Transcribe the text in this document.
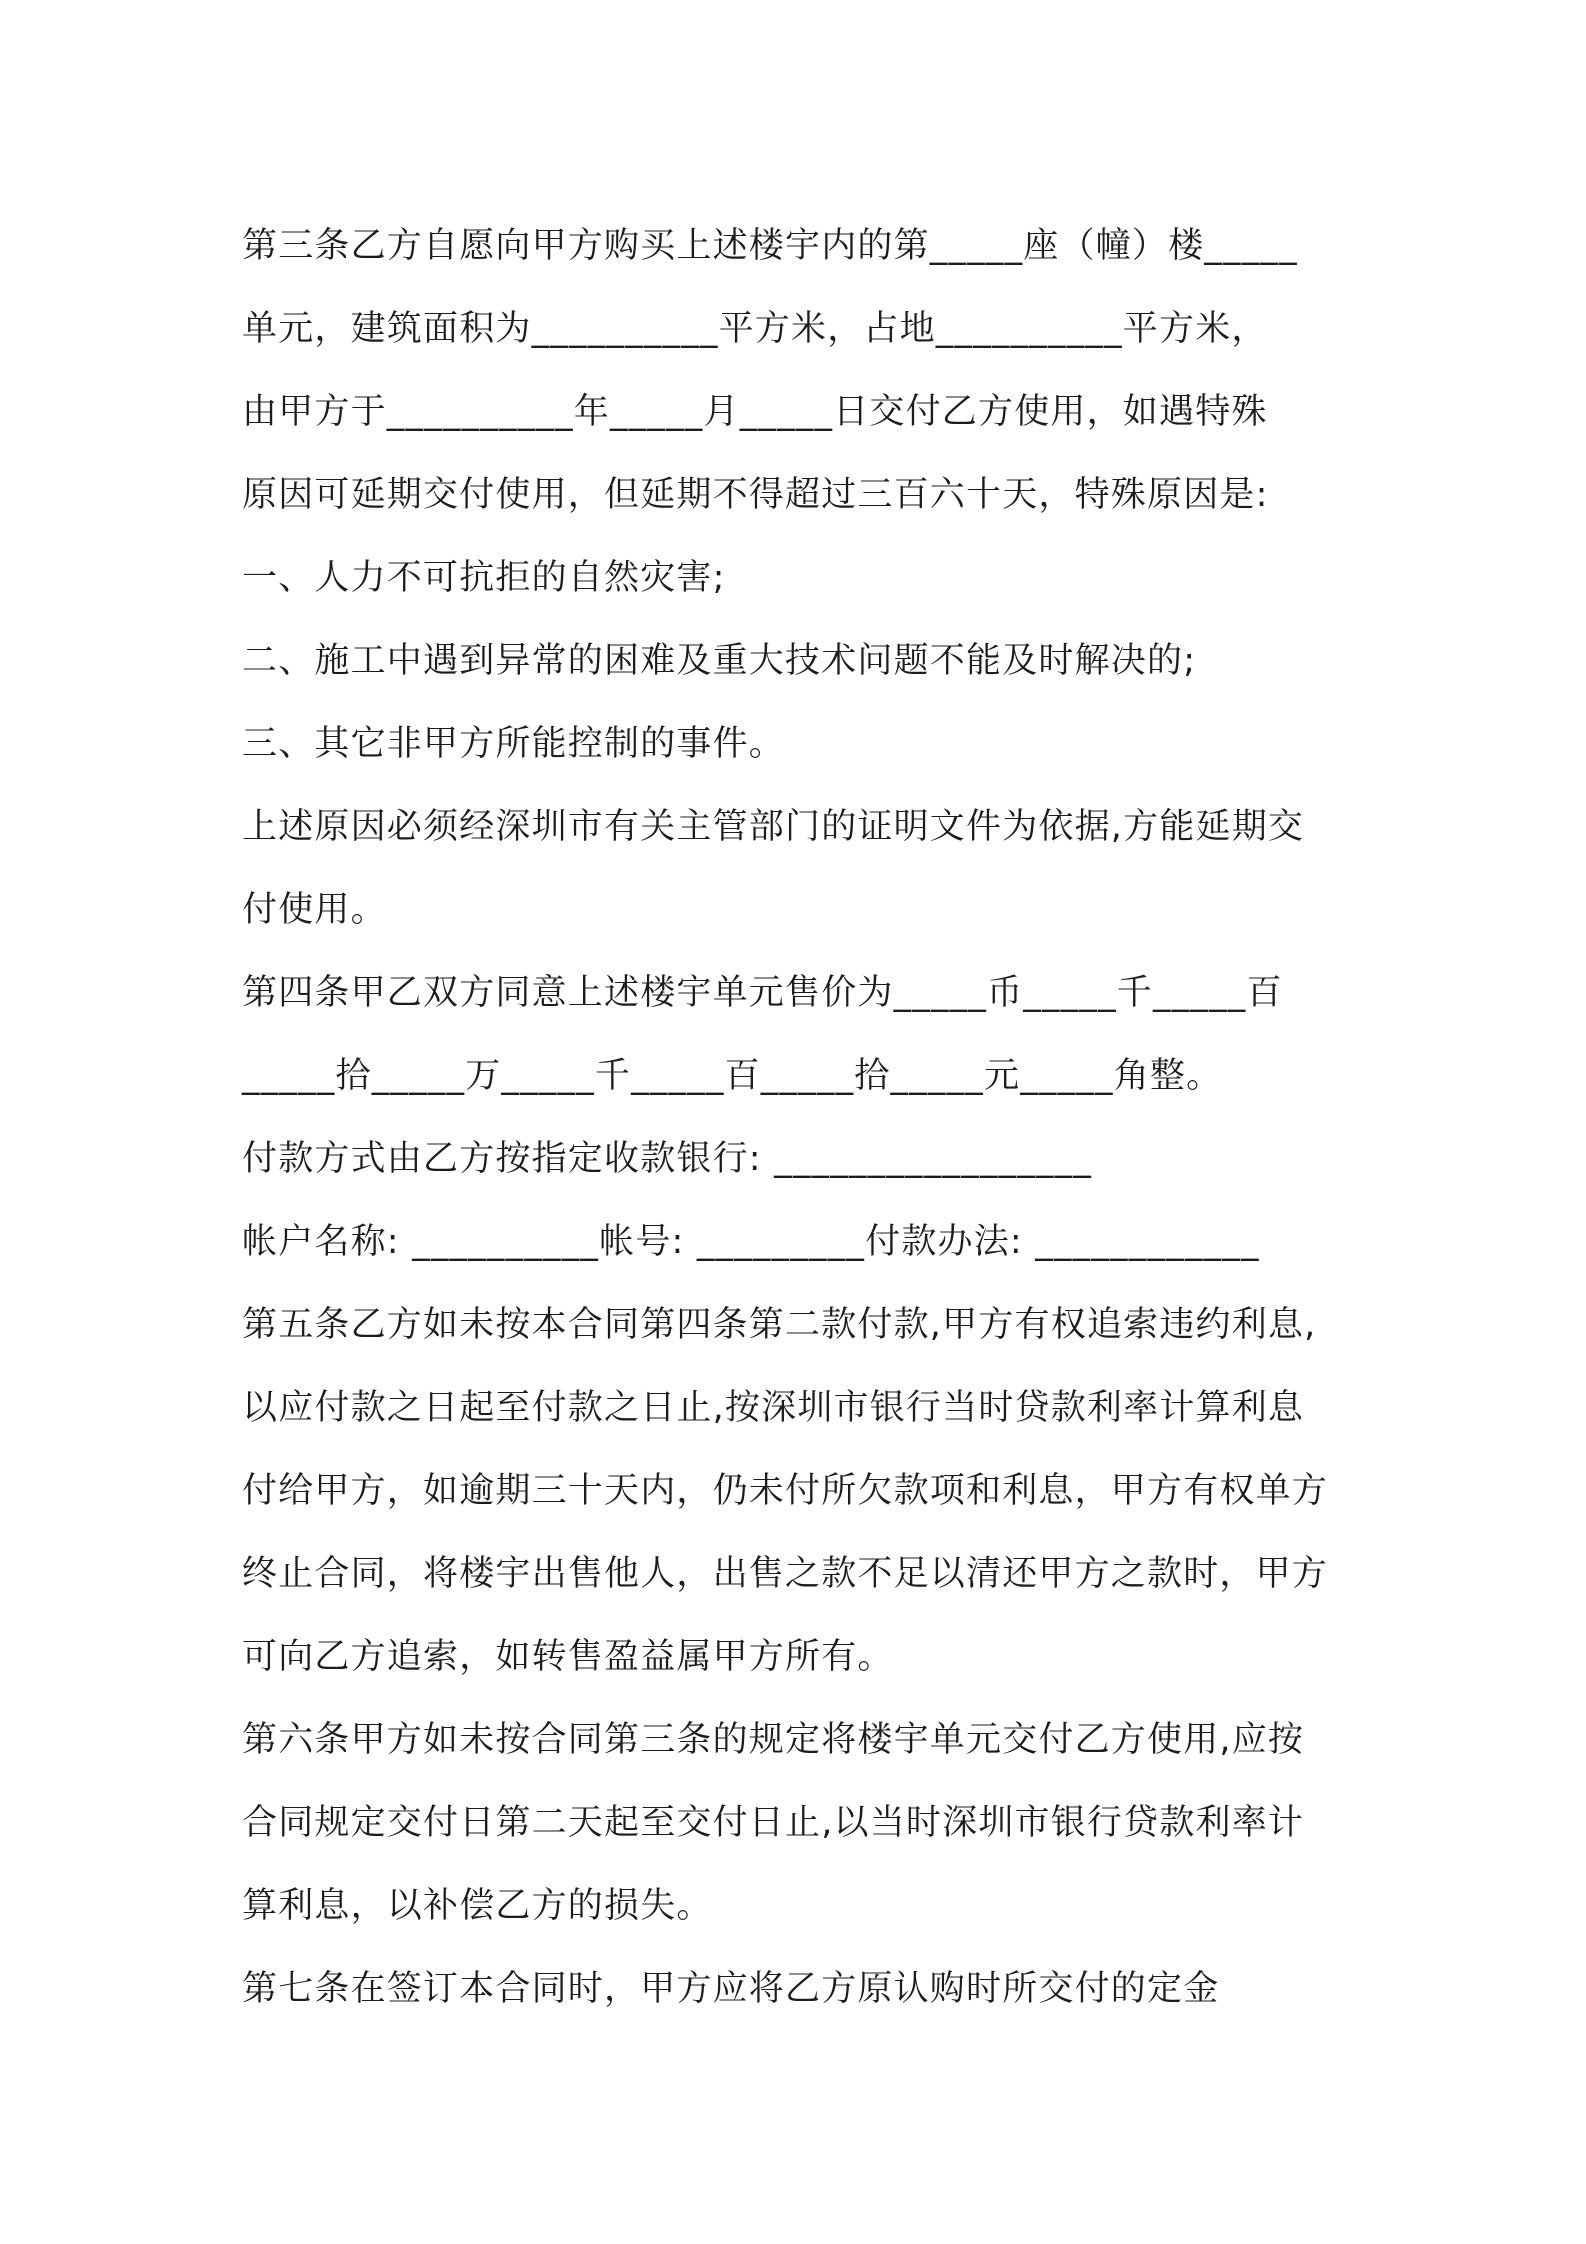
第三条乙方自愿向甲方购买上述楼宇内的第_____座（幢）楼_____
单元，建筑面积为__________平方米，占地__________平方米，
由甲方于__________年_____月_____日交付乙方使用，如遇特殊
原因可延期交付使用，但延期不得超过三百六十天，特殊原因是:
一、人力不可抗拒的自然灾害;
二、施工中遇到异常的困难及重大技术问题不能及时解决的;
三、其它非甲方所能控制的事件。
上述原因必须经深圳市有关主管部门的证明文件为依据,方能延期交
付使用。
第四条甲乙双方同意上述楼宇单元售价为_____币_____千_____百
_____拾_____万_____千_____百_____拾_____元_____角整。
付款方式由乙方按指定收款银行: _________________
帐户名称: __________帐号: _________付款办法: ____________
第五条乙方如未按本合同第四条第二款付款,甲方有权追索违约利息,
以应付款之日起至付款之日止,按深圳市银行当时贷款利率计算利息
付给甲方，如逾期三十天内，仍未付所欠款项和利息，甲方有权单方
终止合同，将楼宇出售他人，出售之款不足以清还甲方之款时，甲方
可向乙方追索，如转售盈益属甲方所有。
第六条甲方如未按合同第三条的规定将楼宇单元交付乙方使用,应按
合同规定交付日第二天起至交付日止,以当时深圳市银行贷款利率计
算利息，以补偿乙方的损失。
第七条在签订本合同时，甲方应将乙方原认购时所交付的定金
